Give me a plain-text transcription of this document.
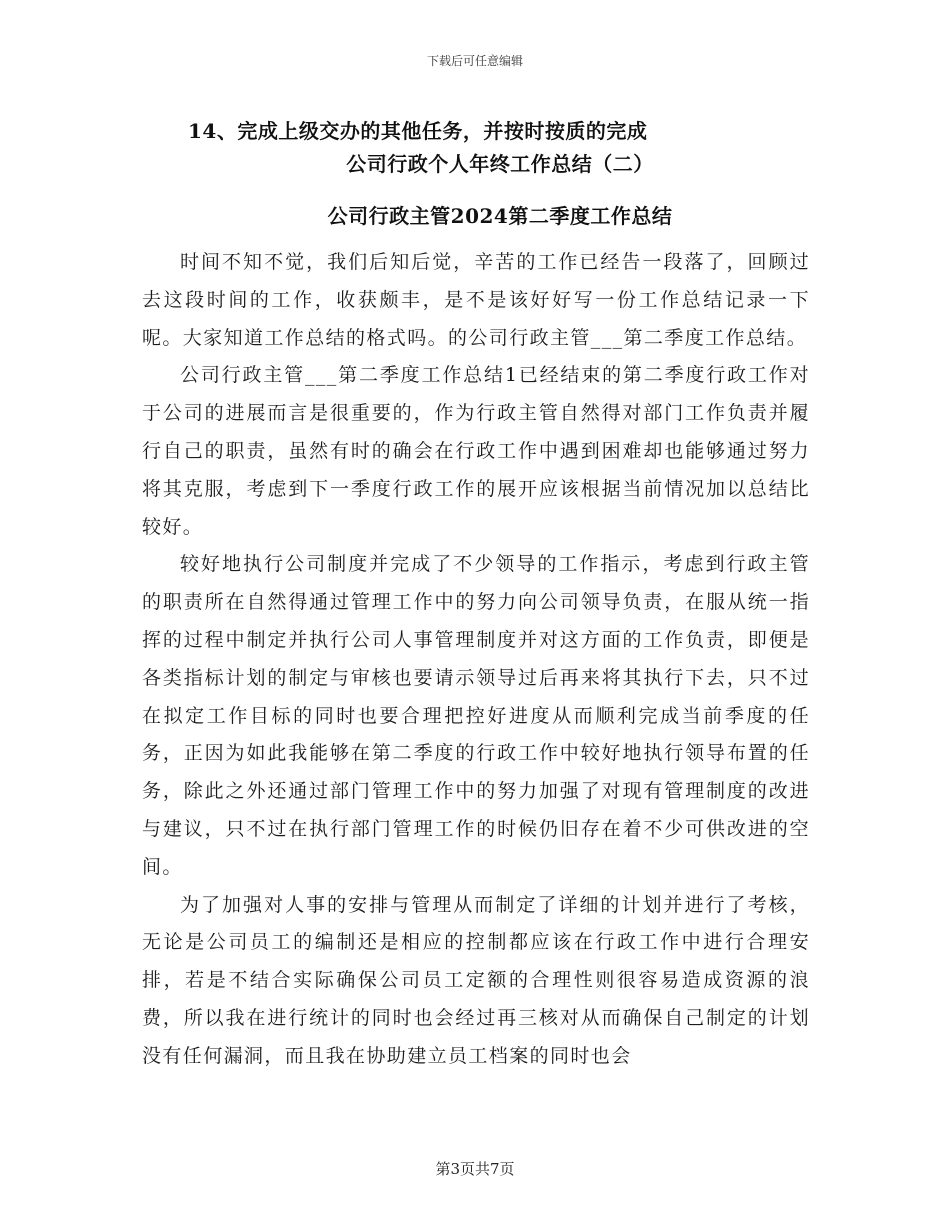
下载后可任意编辑
14、完成上级交办的其他任务，并按时按质的完成
公司行政个人年终工作总结（二）
公司行政主管2024第二季度工作总结

时间不知不觉，我们后知后觉，辛苦的工作已经告一段落了，回顾过去这段时间的工作，收获颇丰，是不是该好好写一份工作总结记录一下呢。大家知道工作总结的格式吗。的公司行政主管___第二季度工作总结。

公司行政主管___第二季度工作总结1已经结束的第二季度行政工作对于公司的进展而言是很重要的，作为行政主管自然得对部门工作负责并履行自己的职责，虽然有时的确会在行政工作中遇到困难却也能够通过努力将其克服，考虑到下一季度行政工作的展开应该根据当前情况加以总结比较好。

较好地执行公司制度并完成了不少领导的工作指示，考虑到行政主管的职责所在自然得通过管理工作中的努力向公司领导负责，在服从统一指挥的过程中制定并执行公司人事管理制度并对这方面的工作负责，即便是各类指标计划的制定与审核也要请示领导过后再来将其执行下去，只不过在拟定工作目标的同时也要合理把控好进度从而顺利完成当前季度的任务，正因为如此我能够在第二季度的行政工作中较好地执行领导布置的任务，除此之外还通过部门管理工作中的努力加强了对现有管理制度的改进与建议，只不过在执行部门管理工作的时候仍旧存在着不少可供改进的空间。

为了加强对人事的安排与管理从而制定了详细的计划并进行了考核，无论是公司员工的编制还是相应的控制都应该在行政工作中进行合理安排，若是不结合实际确保公司员工定额的合理性则很容易造成资源的浪费，所以我在进行统计的同时也会经过再三核对从而确保自己制定的计划没有任何漏洞，而且我在协助建立员工档案的同时也会

第3页共7页
